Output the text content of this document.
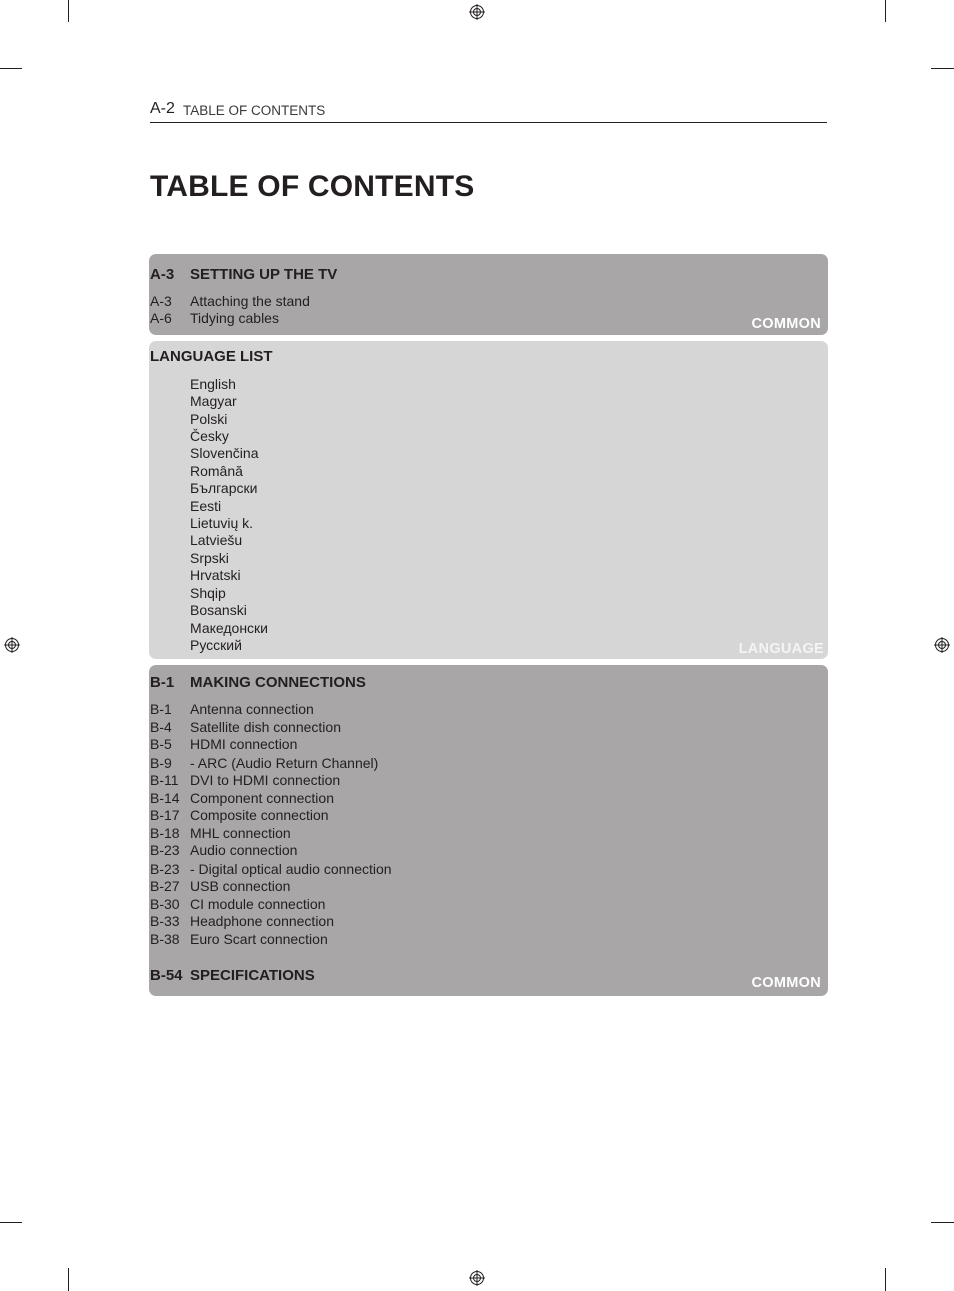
A-2 TABLE OF CONTENTS
TABLE OF CONTENTS
A-3 SETTING UP THE TV
A-3 Attaching the stand
A-6 Tidying cables	COMMON
LANGUAGE LIST
English
Magyar
Polski
Česky
Slovenčina
Română
Български
Eesti
Lietuvių k.
Latviešu
Srpski
Hrvatski
Shqip
Bosanski
Македонски
Русский	LANGUAGE
B-1 MAKING CONNECTIONS
B-1 Antenna connection
B-4 Satellite dish connection
B-5 HDMI connection
B-9 - ARC (Audio Return Channel)
B-11 DVI to HDMI connection
B-14 Component connection
B-17 Composite connection
B-18 MHL connection
B-23 Audio connection
B-23 - Digital optical audio connection
B-27 USB connection
B-30 CI module connection
B-33 Headphone connection
B-38 Euro Scart connection
B-54 SPECIFICATIONS	COMMON
